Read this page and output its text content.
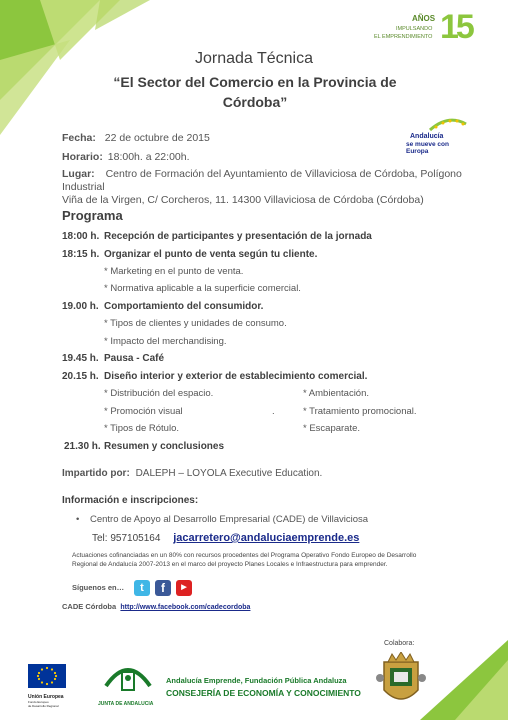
AÑOS
IMPULSANDO
EL EMPRENDIMIENTO 15
Jornada Técnica
“El Sector del Comercio en la Provincia de
Córdoba”
Andalucía
se mueve con Europa
Fecha: 22 de octubre de 2015
Horario: 18:00h. a 22:00h.
Lugar: Centro de Formación del Ayuntamiento de Villaviciosa de Córdoba, Polígono Industrial
Viña de la Virgen, C/ Corcheros, 11. 14300 Villaviciosa de Córdoba (Córdoba)
Programa
18:00 h. Recepción de participantes y presentación de la jornada
18:15 h. Organizar el punto de venta según tu cliente.
* Marketing en el punto de venta.
* Normativa aplicable a la superficie comercial.
19.00 h. Comportamiento del consumidor.
* Tipos de clientes y unidades de consumo.
* Impacto del merchandising.
19.45 h. Pausa - Café
20.15 h. Diseño interior y exterior de establecimiento comercial.
* Distribución del espacio.	* Ambientación.
* Promoción visual	.	* Tratamiento promocional.
* Tipos de Rótulo.	* Escaparate.
21.30 h. Resumen y conclusiones
Impartido por: DALEPH – LOYOLA Executive Education.
Información e inscripciones:
• Centro de Apoyo al Desarrollo Empresarial (CADE) de Villaviciosa
Tel: 957105164 jacarretero@andaluciaemprende.es
Actuaciones cofinanciadas en un 80% con recursos procedentes del Programa Operativo Fondo Europeo de Desarrollo
Regional de Andalucía 2007-2013 en el marco del proyecto Planes Locales e Infraestructura para emprender.
Síguenos en…	t	f	▶
CADE Córdoba http://www.facebook.com/cadecordoba
Colabora:
Unión Europea
Fondo Europeo
de Desarrollo Regional	JUNTA DE ANDALUCIA
Andalucía Emprende, Fundación Pública Andaluza
CONSEJERÍA DE ECONOMÍA Y CONOCIMIENTO
